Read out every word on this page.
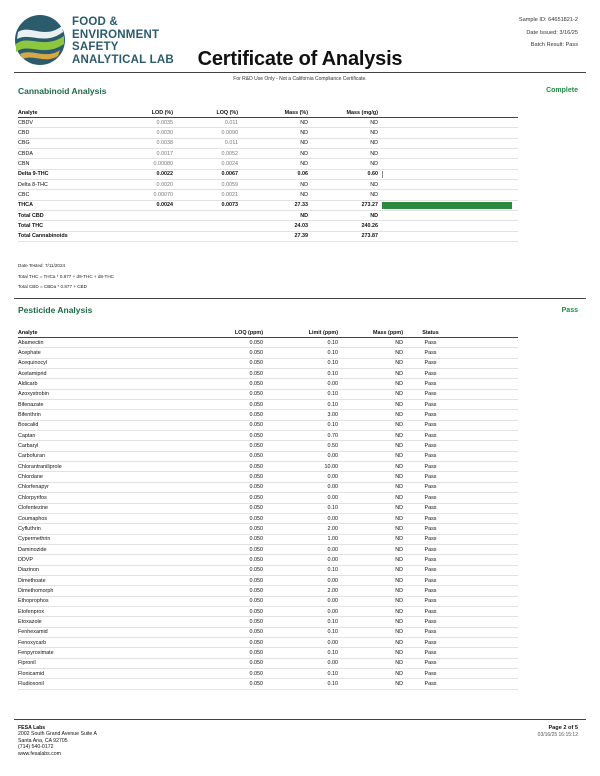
FOOD &
ENVIRONMENT
SAFETY
ANALYTICAL LAB	Certificate of Analysis
Sample ID: 64651821-2
Date Issued: 3/16/25
Batch Result: Pass
For R&D Use Only - Not a California Compliance Certificate.
Cannabinoid Analysis	Complete
Analyte	LOD (%)	LOQ (%)	Mass (%)	Mass (mg/g)	
CBDV	0.0035	0.011	ND	ND	
CBD	0.0030	0.0090	ND	ND	
CBG	0.0038	0.011	ND	ND	
CBDA	0.0017	0.0052	ND	ND	
CBN	0.00080	0.0024	ND	ND	
Delta 9-THC	0.0022	0.0067	0.06	0.60	
Delta 8-THC	0.0020	0.0059	ND	ND	
CBC	0.00070	0.0021	ND	ND	
THCA	0.0024	0.0073	27.33	273.27	
Total CBD			ND	ND	
Total THC			24.03	240.26	
Total Cannabinoids			27.39	273.87	
Date Tested: 7/11/2024
Total THC = THCa * 0.877 + d9-THC + d8-THC
Total CBD = CBDa * 0.877 + CBD
Pesticide Analysis	Pass
Analyte	LOQ (ppm)	Limit (ppm)	Mass (ppm)	Status	
Abamectin	0.050	0.10	ND	Pass	
Acephate	0.050	0.10	ND	Pass	
Acequinocyl	0.050	0.10	ND	Pass	
Acetamiprid	0.050	0.10	ND	Pass	
Aldicarb	0.050	0.00	ND	Pass	
Azoxystrobin	0.050	0.10	ND	Pass	
Bifenazate	0.050	0.10	ND	Pass	
Bifenthrin	0.050	3.00	ND	Pass	
Boscalid	0.050	0.10	ND	Pass	
Captan	0.050	0.70	ND	Pass	
Carbaryl	0.050	0.50	ND	Pass	
Carbofuran	0.050	0.00	ND	Pass	
Chlorantraniliprole	0.050	10.00	ND	Pass	
Chlordane	0.050	0.00	ND	Pass	
Chlorfenapyr	0.050	0.00	ND	Pass	
Chlorpyrifos	0.050	0.00	ND	Pass	
Clofentezine	0.050	0.10	ND	Pass	
Coumaphos	0.050	0.00	ND	Pass	
Cyfluthrin	0.050	2.00	ND	Pass	
Cypermethrin	0.050	1.00	ND	Pass	
Daminozide	0.050	0.00	ND	Pass	
DDVP	0.050	0.00	ND	Pass	
Diazinon	0.050	0.10	ND	Pass	
Dimethoate	0.050	0.00	ND	Pass	
Dimethomorph	0.050	2.00	ND	Pass	
Ethoprophos	0.050	0.00	ND	Pass	
Etofenprox	0.050	0.00	ND	Pass	
Etoxazole	0.050	0.10	ND	Pass	
Fenhexamid	0.050	0.10	ND	Pass	
Fenoxycarb	0.050	0.00	ND	Pass	
Fenpyroximate	0.050	0.10	ND	Pass	
Fipronil	0.050	0.00	ND	Pass	
Flonicamid	0.050	0.10	ND	Pass	
Fludioxonil	0.050	0.10	ND	Pass	
FESA Labs
2002 South Grand Avenue Suite A
Santa Ana, CA 92705
(714) 540-0172
www.fesalabs.com
Page 2 of 5
03/16/25 16:15:12
